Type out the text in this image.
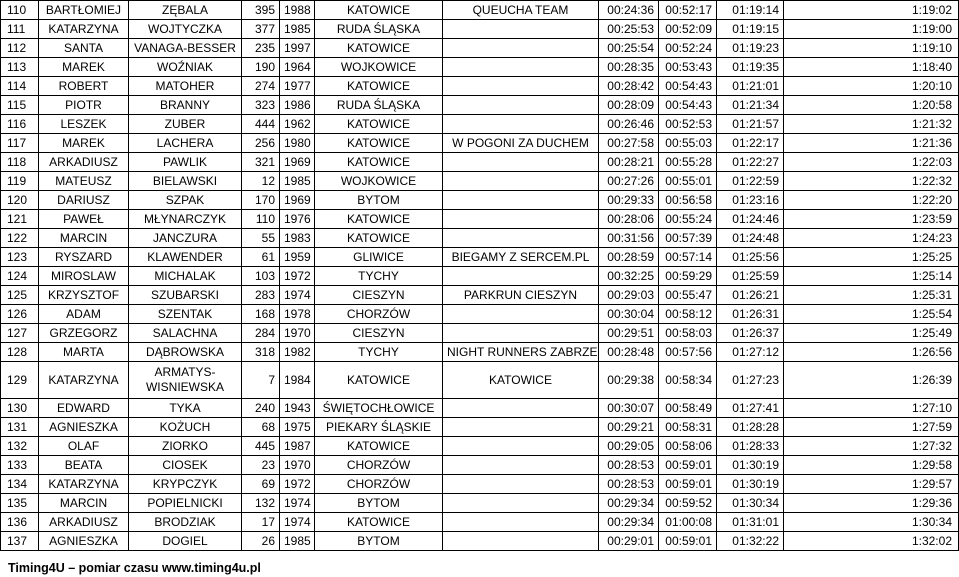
110	BARTŁOMIEJ	ZĘBALA	395	1988	KATOWICE	QUEUCHA TEAM	00:24:36	00:52:17	01:19:14	1:19:02
111	KATARZYNA	WOJTYCZKA	377	1985	RUDA ŚLĄSKA		00:25:53	00:52:09	01:19:15	1:19:00
112	SANTA	VANAGA-BESSER	235	1997	KATOWICE		00:25:54	00:52:24	01:19:23	1:19:10
113	MAREK	WOŹNIAK	190	1964	WOJKOWICE		00:28:35	00:53:43	01:19:35	1:18:40
114	ROBERT	MATOHER	274	1977	KATOWICE		00:28:42	00:54:43	01:21:01	1:20:10
115	PIOTR	BRANNY	323	1986	RUDA ŚLĄSKA		00:28:09	00:54:43	01:21:34	1:20:58
116	LESZEK	ZUBER	444	1962	KATOWICE		00:26:46	00:52:53	01:21:57	1:21:32
117	MAREK	LACHERA	256	1980	KATOWICE	W POGONI ZA DUCHEM	00:27:58	00:55:03	01:22:17	1:21:36
118	ARKADIUSZ	PAWLIK	321	1969	KATOWICE		00:28:21	00:55:28	01:22:27	1:22:03
119	MATEUSZ	BIELAWSKI	12	1985	WOJKOWICE		00:27:26	00:55:01	01:22:59	1:22:32
120	DARIUSZ	SZPAK	170	1969	BYTOM		00:29:33	00:56:58	01:23:16	1:22:20
121	PAWEŁ	MŁYNARCZYK	110	1976	KATOWICE		00:28:06	00:55:24	01:24:46	1:23:59
122	MARCIN	JANCZURA	55	1983	KATOWICE		00:31:56	00:57:39	01:24:48	1:24:23
123	RYSZARD	KLAWENDER	61	1959	GLIWICE	BIEGAMY Z SERCEM.PL	00:28:59	00:57:14	01:25:56	1:25:25
124	MIROSLAW	MICHALAK	103	1972	TYCHY		00:32:25	00:59:29	01:25:59	1:25:14
125	KRZYSZTOF	SZUBARSKI	283	1974	CIESZYN	PARKRUN CIESZYN	00:29:03	00:55:47	01:26:21	1:25:31
126	ADAM	SZENTAK	168	1978	CHORZÓW		00:30:04	00:58:12	01:26:31	1:25:54
127	GRZEGORZ	SALACHNA	284	1970	CIESZYN		00:29:51	00:58:03	01:26:37	1:25:49
128	MARTA	DĄBROWSKA	318	1982	TYCHY	NIGHT RUNNERS ZABRZE	00:28:48	00:57:56	01:27:12	1:26:56
129	KATARZYNA	ARMATYS-WISNIEWSKA	7	1984	KATOWICE	KATOWICE	00:29:38	00:58:34	01:27:23	1:26:39
130	EDWARD	TYKA	240	1943	ŚWIĘTOCHŁOWICE		00:30:07	00:58:49	01:27:41	1:27:10
131	AGNIESZKA	KOŻUCH	68	1975	PIEKARY ŚLĄSKIE		00:29:21	00:58:31	01:28:28	1:27:59
132	OLAF	ZIORKO	445	1987	KATOWICE		00:29:05	00:58:06	01:28:33	1:27:32
133	BEATA	CIOSEK	23	1970	CHORZÓW		00:28:53	00:59:01	01:30:19	1:29:58
134	KATARZYNA	KRYPCZYK	69	1972	CHORZÓW		00:28:53	00:59:01	01:30:19	1:29:57
135	MARCIN	POPIELNICKI	132	1974	BYTOM		00:29:34	00:59:52	01:30:34	1:29:36
136	ARKADIUSZ	BRODZIAK	17	1974	KATOWICE		00:29:34	01:00:08	01:31:01	1:30:34
137	AGNIESZKA	DOGIEL	26	1985	BYTOM		00:29:01	00:59:01	01:32:22	1:32:02
Timing4U – pomiar czasu www.timing4u.pl
